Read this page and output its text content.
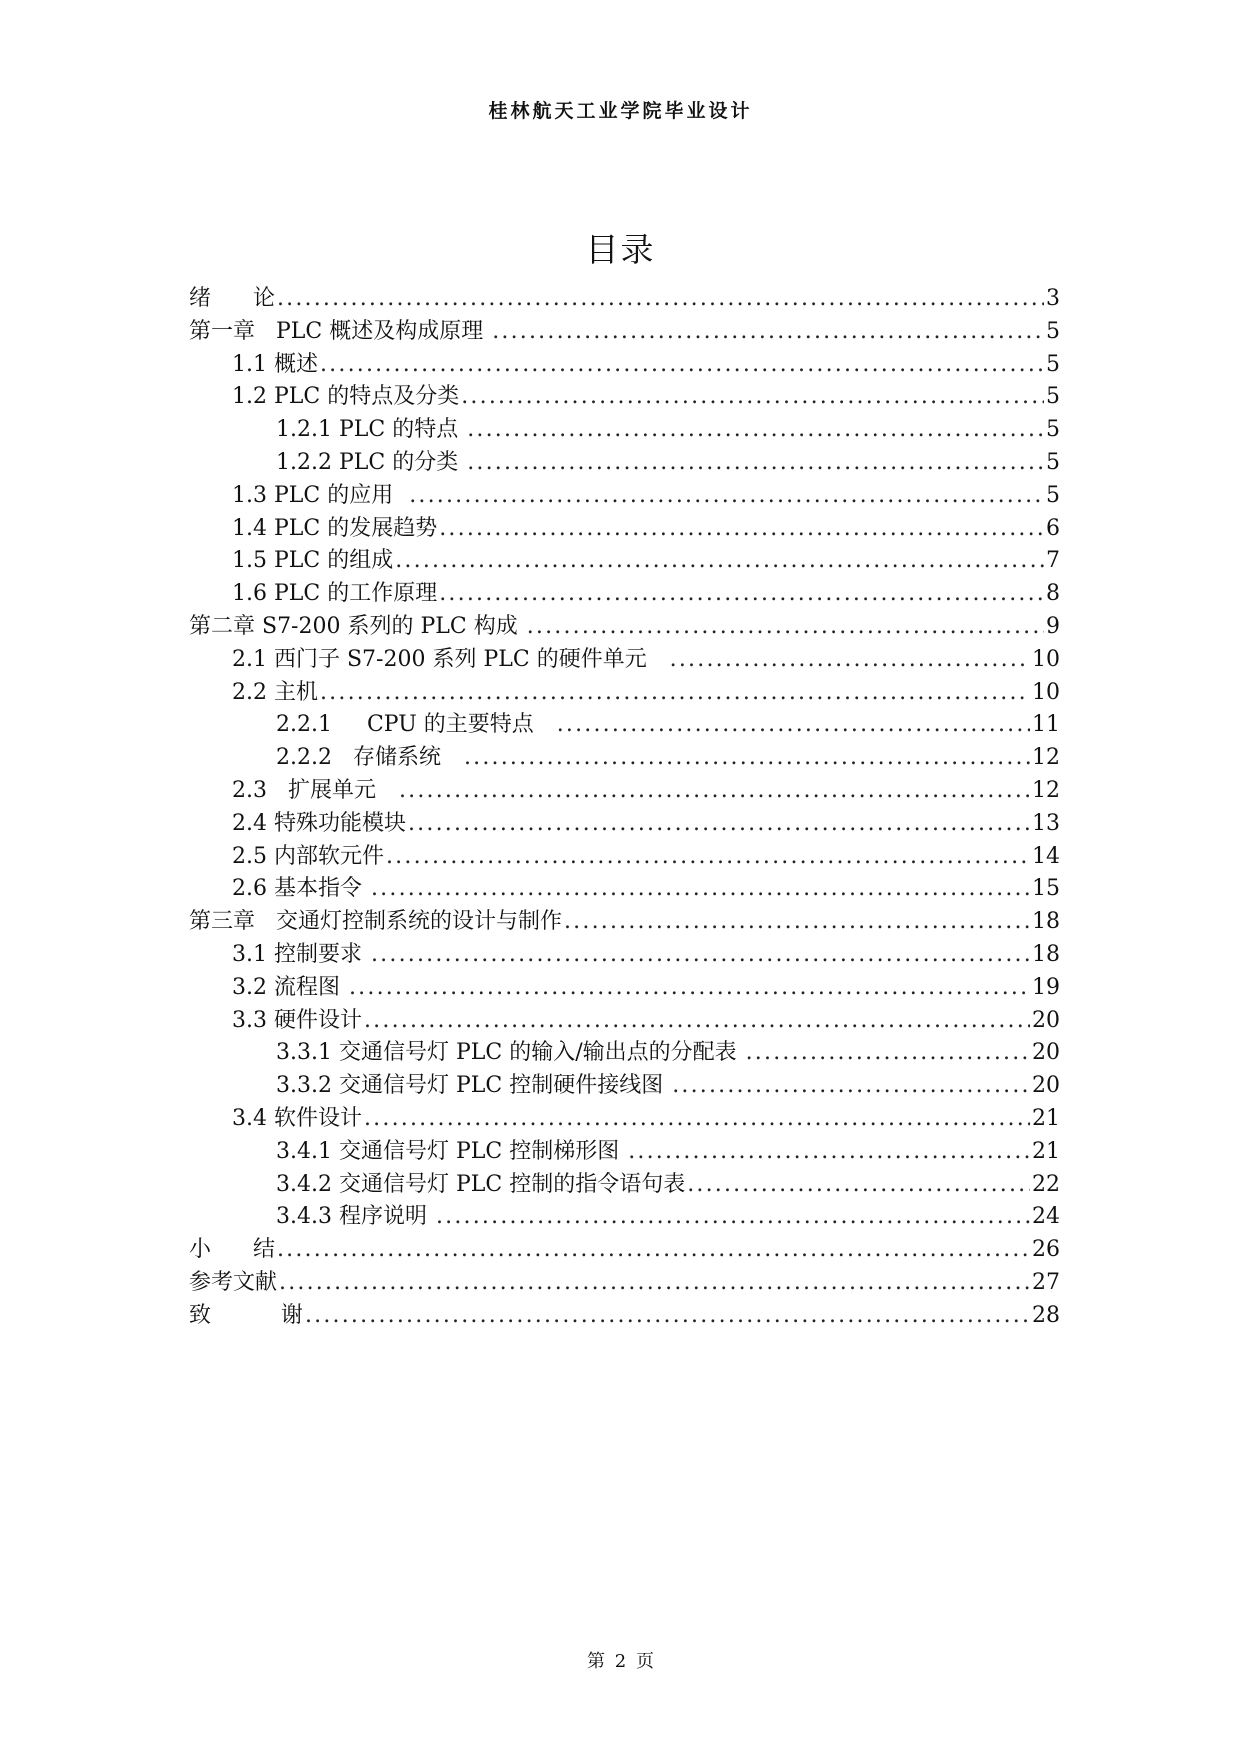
桂林航天工业学院毕业设计
目录
绪      论 .....	3
第一章   PLC 概述及构成原理 .....	5
1.1 概述 .....	5
1.2 PLC 的特点及分类 .....	5
1.2.1 PLC 的特点 .....	5
1.2.2 PLC 的分类 .....	5
1.3 PLC 的应用 .....	5
1.4 PLC 的发展趋势 .....	6
1.5 PLC 的组成 .....	7
1.6 PLC 的工作原理 .....	8
第二章 S7-200 系列的 PLC 构成 .....	9
2.1 西门子 S7-200 系列 PLC 的硬件单元 .....	10
2.2 主机 .....	10
2.2.1     CPU 的主要特点 .....	11
2.2.2   存储系统 .....	12
2.3   扩展单元 .....	12
2.4 特殊功能模块 .....	13
2.5 内部软元件 .....	14
2.6 基本指令 .....	15
第三章   交通灯控制系统的设计与制作 .....	18
3.1 控制要求 .....	18
3.2 流程图 .....	19
3.3 硬件设计 .....	20
3.3.1 交通信号灯 PLC 的输入/输出点的分配表 .....	20
3.3.2 交通信号灯 PLC 控制硬件接线图 .....	20
3.4 软件设计 .....	21
3.4.1 交通信号灯 PLC 控制梯形图 .....	21
3.4.2 交通信号灯 PLC 控制的指令语句表 .....	22
3.4.3 程序说明 .....	24
小      结 .....	26
参考文献 .....	27
致          谢 .....	28
第 2 页
